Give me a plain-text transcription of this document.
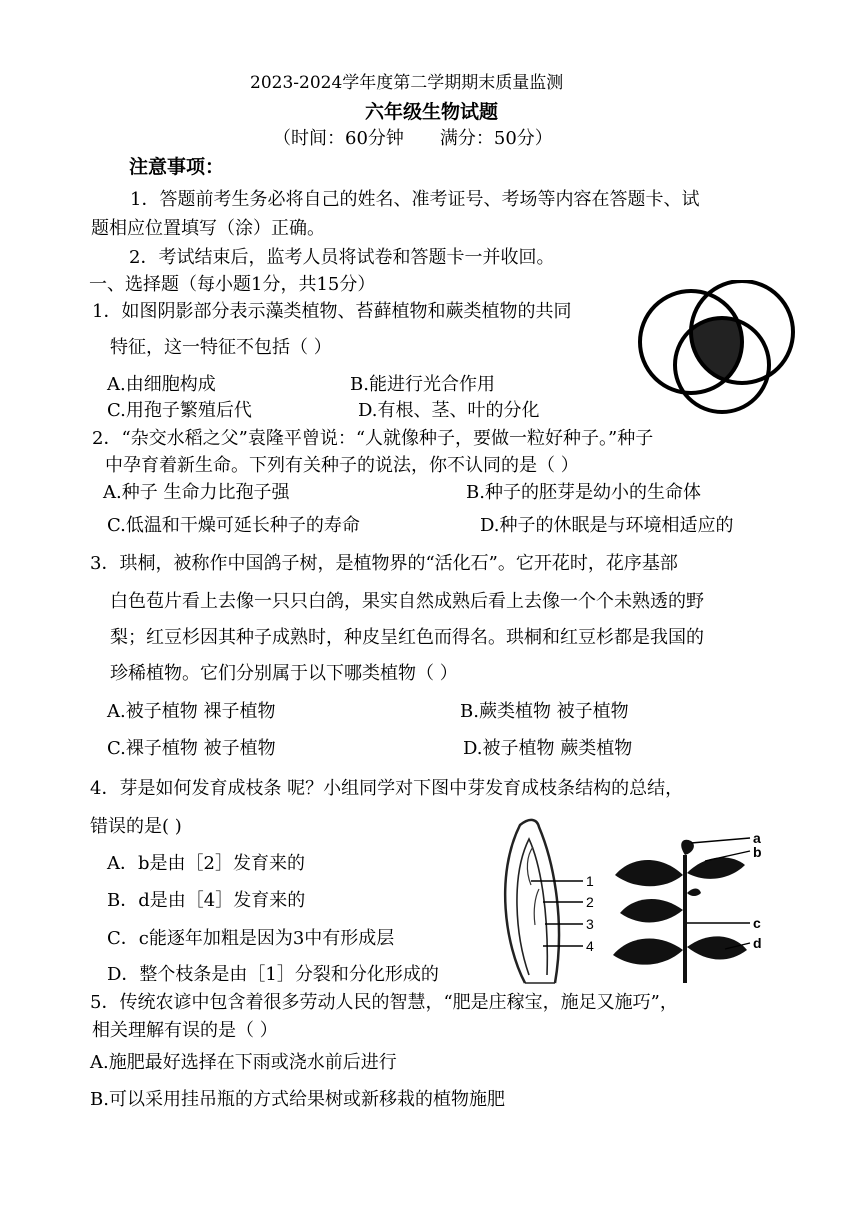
2023-2024学年度第二学期期末质量监测
六年级生物试题
（时间：60分钟　　满分：50分）
注意事项：
1．答题前考生务必将自己的姓名、准考证号、考场等内容在答题卡、试
题相应位置填写（涂）正确。
2．考试结束后，监考人员将试卷和答题卡一并收回。
一、选择题（每小题1分，共15分）
1．如图阴影部分表示藻类植物、苔藓植物和蕨类植物的共同
特征，这一特征不包括（ ）
A.由细胞构成	B.能进行光合作用
C.用孢子繁殖后代	D.有根、茎、叶的分化
2．“杂交水稻之父”袁隆平曾说：“人就像种子，要做一粒好种子。”种子
中孕育着新生命。下列有关种子的说法，你不认同的是（ ）
A.种子 生命力比孢子强	B.种子的胚芽是幼小的生命体
C.低温和干燥可延长种子的寿命	D.种子的休眠是与环境相适应的
3．珙桐，被称作中国鸽子树，是植物界的“活化石”。它开花时，花序基部
白色苞片看上去像一只只白鸽，果实自然成熟后看上去像一个个未熟透的野
梨；红豆杉因其种子成熟时，种皮呈红色而得名。珙桐和红豆杉都是我国的
珍稀植物。它们分别属于以下哪类植物（ ）
A.被子植物 裸子植物	B.蕨类植物 被子植物
C.裸子植物 被子植物	D.被子植物 蕨类植物
4．芽是如何发育成枝条 呢？小组同学对下图中芽发育成枝条结构的总结，
错误的是( )
A．b是由［2］发育来的
B．d是由［4］发育来的
C．c能逐年加粗是因为3中有形成层
D．整个枝条是由［1］分裂和分化形成的
1
2
3
4
a
b
c
d
5．传统农谚中包含着很多劳动人民的智慧，“肥是庄稼宝，施足又施巧”，
相关理解有误的是（ ）
A.施肥最好选择在下雨或浇水前后进行
B.可以采用挂吊瓶的方式给果树或新移栽的植物施肥
